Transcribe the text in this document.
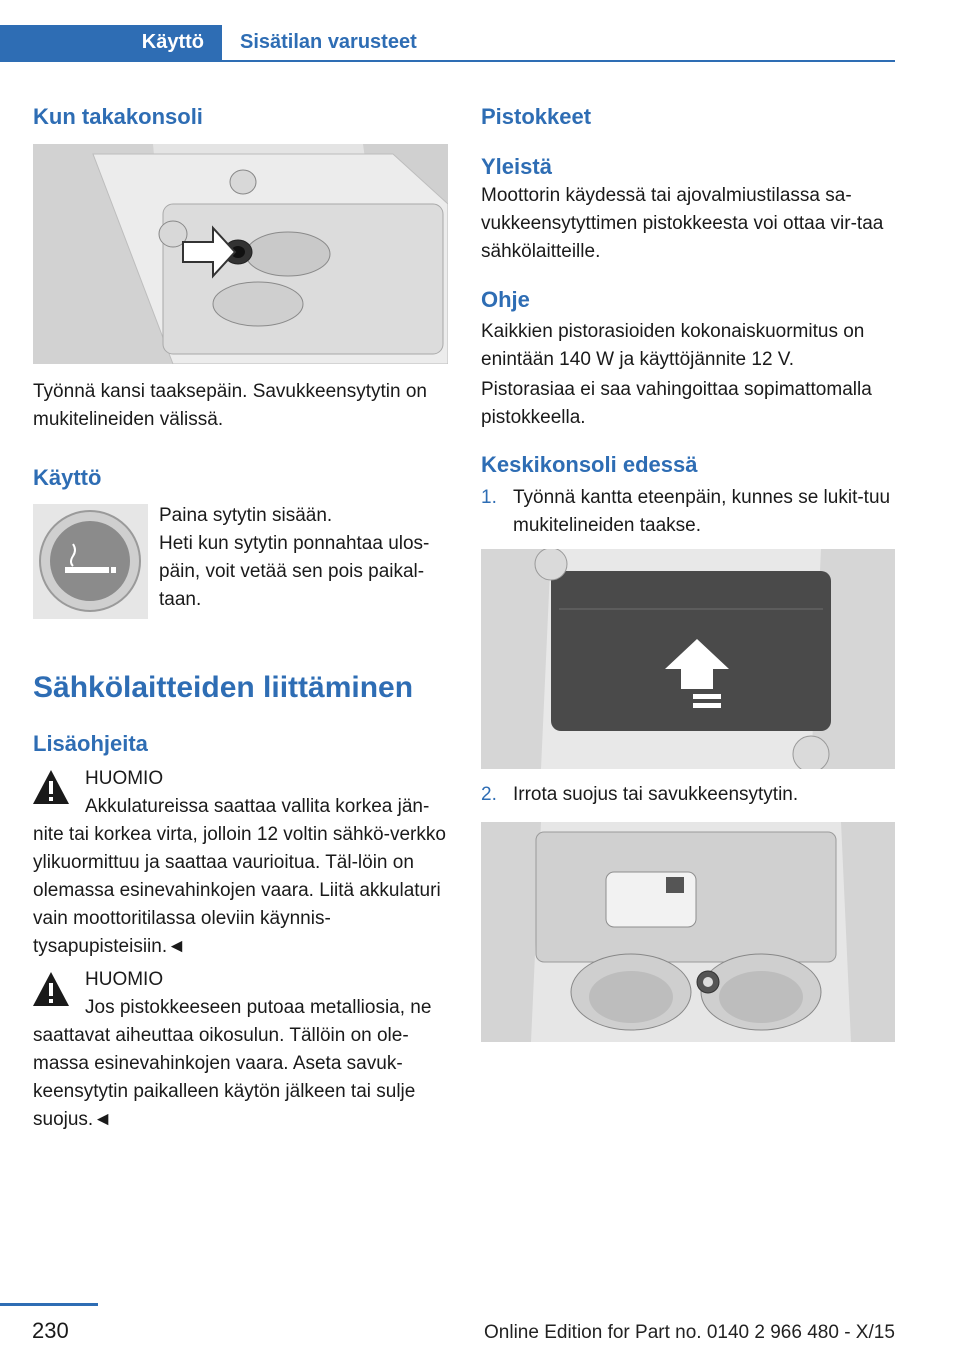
Käyttö Sisätilan varusteet
Kun takakonsoli

Työnnä kansi taaksepäin. Savukkeensytytin on mukitelineiden välissä.

Käyttö

Paina sytytin sisään.

Heti kun sytytin ponnahtaa ulos-päin, voit vetää sen pois paikal-taan.

Sähkölaitteiden liittäminen
Lisäohjeita

HUOMIO

Akkulatureissa saattaa vallita korkea jän-nite tai korkea virta, jolloin 12 voltin sähkö-verkko ylikuormittuu ja saattaa vaurioitua. Täl-löin on olemassa esinevahinkojen vaara. Liitä akkulaturi vain moottoritilassa oleviin käynnis-tysapupisteisiin.◄

HUOMIO

Jos pistokkeeseen putoaa metalliosia, ne saattavat aiheuttaa oikosulun. Tällöin on ole-massa esinevahinkojen vaara. Aseta savuk-keensytytin paikalleen käytön jälkeen tai sulje suojus.◄

Pistokkeet
Yleistä

Moottorin käydessä tai ajovalmiustilassa sa-vukkeensytyttimen pistokkeesta voi ottaa vir-taa sähkölaitteille.

Ohje

Kaikkien pistorasioiden kokonaiskuormitus on enintään 140 W ja käyttöjännite 12 V.

Pistorasiaa ei saa vahingoittaa sopimattomalla pistokkeella.

Keskikonsoli edessä
1. Työnnä kantta eteenpäin, kunnes se lukit-tuu mukitelineiden taakse.

2. Irrota suojus tai savukkeensytytin.

230	Online Edition for Part no. 0140 2 966 480 - X/15
